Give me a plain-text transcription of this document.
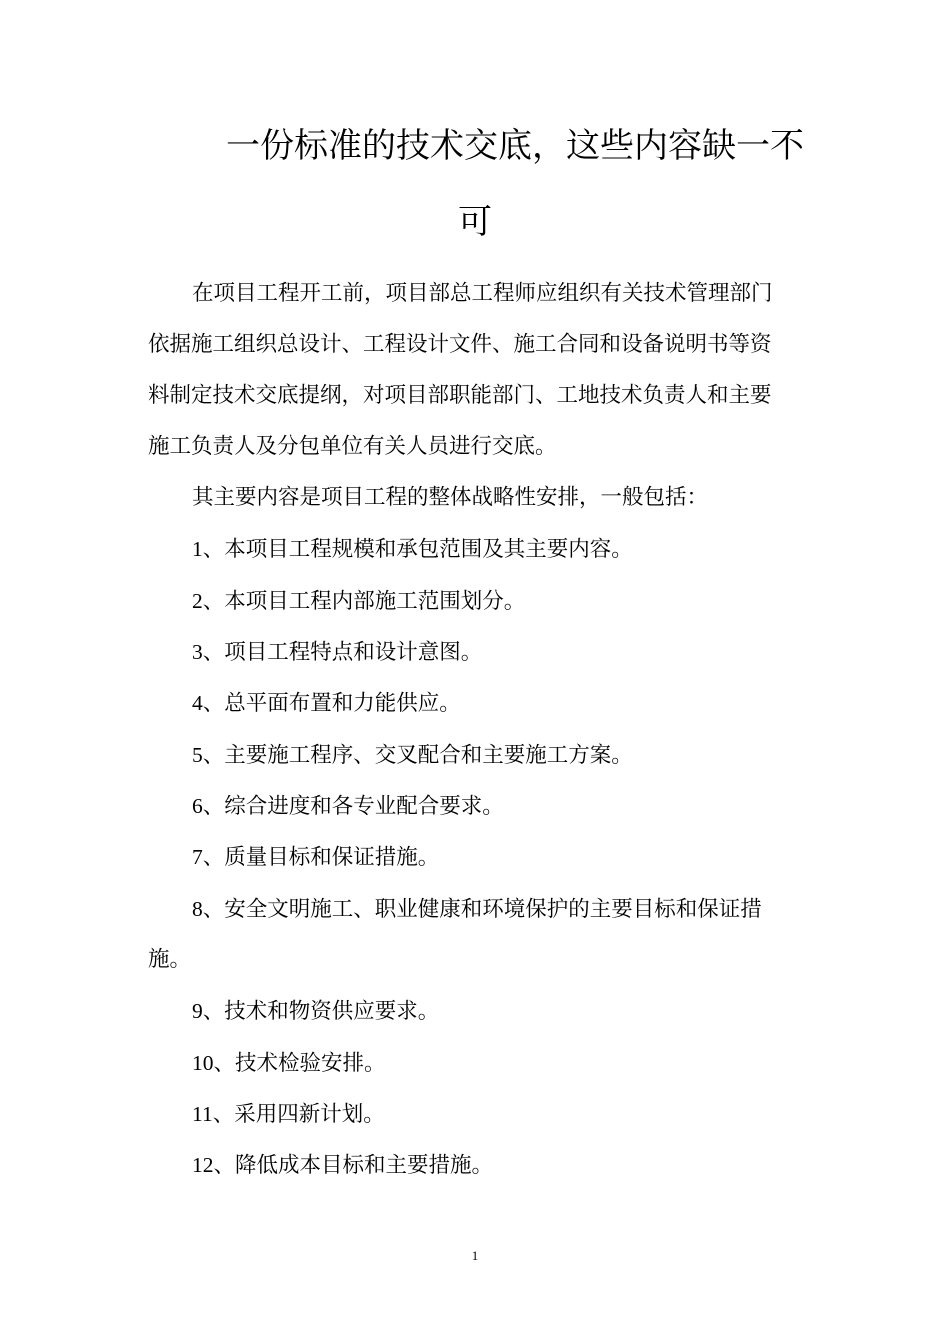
一份标准的技术交底，这些内容缺一不
可
在项目工程开工前，项目部总工程师应组织有关技术管理部门
依据施工组织总设计、工程设计文件、施工合同和设备说明书等资
料制定技术交底提纲，对项目部职能部门、工地技术负责人和主要
施工负责人及分包单位有关人员进行交底。
其主要内容是项目工程的整体战略性安排，一般包括：
1、本项目工程规模和承包范围及其主要内容。
2、本项目工程内部施工范围划分。
3、项目工程特点和设计意图。
4、总平面布置和力能供应。
5、主要施工程序、交叉配合和主要施工方案。
6、综合进度和各专业配合要求。
7、质量目标和保证措施。
8、安全文明施工、职业健康和环境保护的主要目标和保证措
施。
9、技术和物资供应要求。
10、技术检验安排。
11、采用四新计划。
12、降低成本目标和主要措施。
1
